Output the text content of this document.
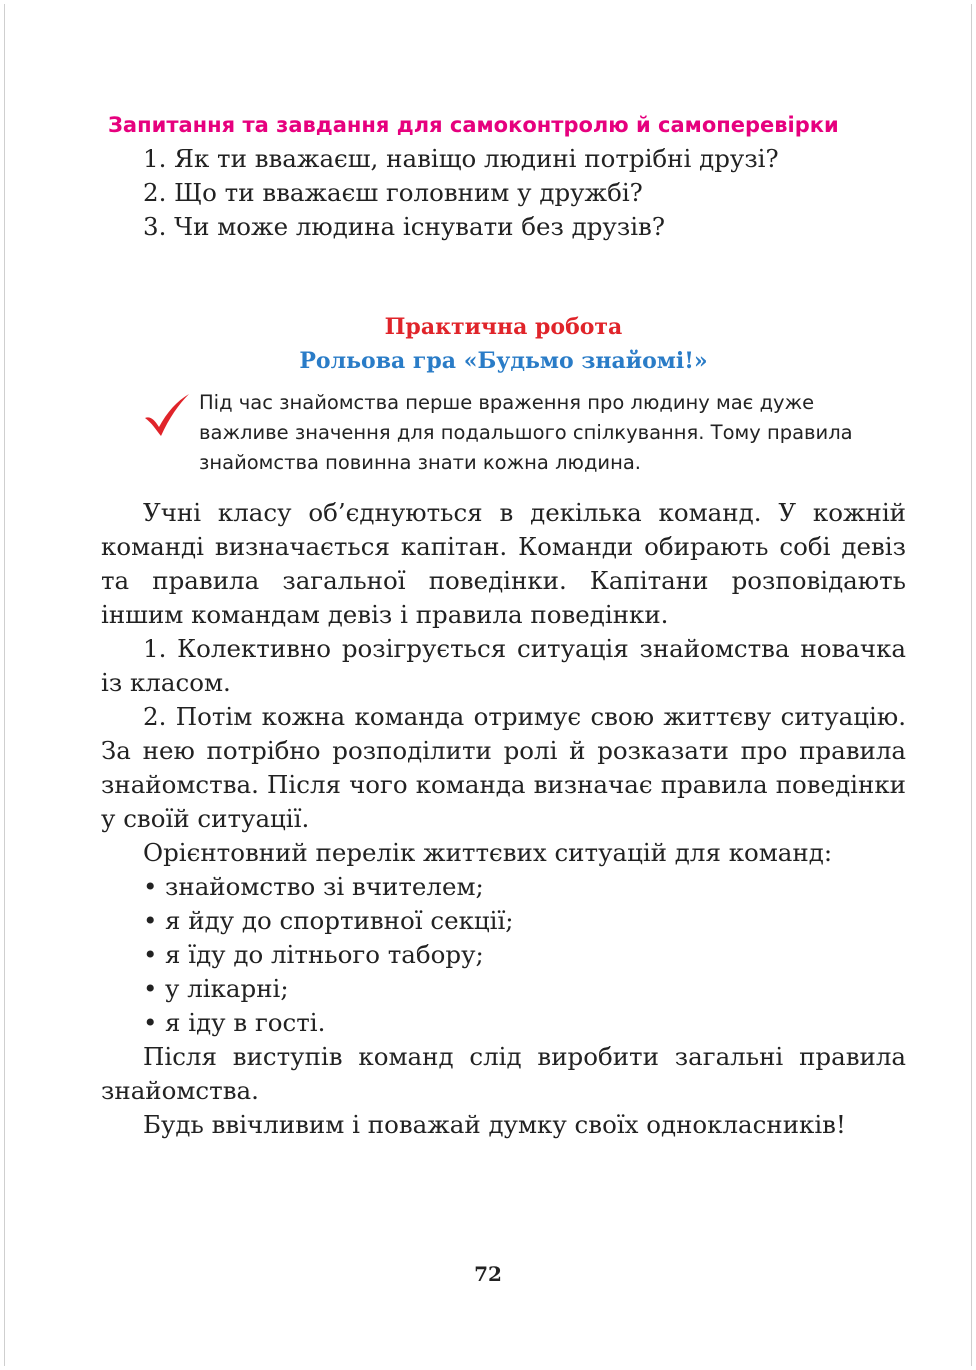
Запитання та завдання для самоконтролю й самоперевірки
1. Як ти вважаєш, навіщо людині потрібні друзі?
2. Що ти вважаєш головним у дружбі?
3. Чи може людина існувати без друзів?
Практична робота
Рольова гра «Будьмо знайомі!»
Під час знайомства перше враження про людину має дуже важливе значення для подальшого спілкування. Тому правила знайомства повинна знати кожна людина.

Учні класу об’єднуються в декілька команд. У кожній команді визначається капітан. Команди обирають собі девіз та правила загальної поведінки. Капітани розповідають іншим командам девіз і правила поведінки.

1. Колективно розігрується ситуація знайомства новачка із класом.

2. Потім кожна команда отримує свою життєву ситуацію. За нею потрібно розподілити ролі й розказати про правила знайомства. Після чого команда визначає правила поведінки у своїй ситуації.

Орієнтовний перелік життєвих ситуацій для команд:

• знайомство зі вчителем;
• я йду до спортивної секції;
• я їду до літнього табору;
• у лікарні;
• я іду в гості.

Після виступів команд слід виробити загальні правила знайомства.

Будь ввічливим і поважай думку своїх однокласників!

72
